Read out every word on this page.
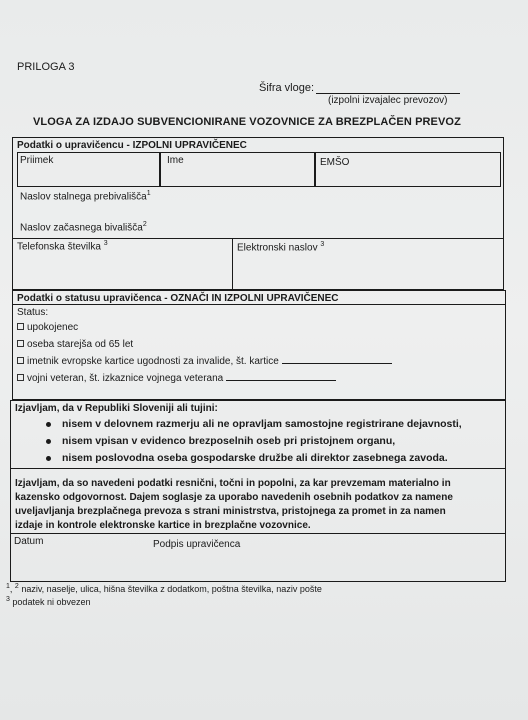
PRILOGA 3
Šifra vloge:
(izpolni izvajalec prevozov)
VLOGA ZA IZDAJO SUBVENCIONIRANE VOZOVNICE ZA BREZPLAČEN PREVOZ
Podatki o upravičencu - IZPOLNI UPRAVIČENEC
Priimek	Ime	EMŠO
Naslov stalnega prebivališča$^1$
Naslov začasnega bivališča$^2$
Telefonska številka $^3$	Elektronski naslov $^3$
Podatki o statusu upravičenca - OZNAČI IN IZPOLNI UPRAVIČENEC
Status:
upokojenec
oseba starejša od 65 let
imetnik evropske kartice ugodnosti za invalide, št. kartice
vojni veteran, št. izkaznice vojnega veterana
Izjavljam, da v Republiki Sloveniji ali tujini:
nisem v delovnem razmerju ali ne opravljam samostojne registrirane dejavnosti,
nisem vpisan v evidenco brezposelnih oseb pri pristojnem organu,
nisem poslovodna oseba gospodarske družbe ali direktor zasebnega zavoda.
Izjavljam, da so navedeni podatki resnični, točni in popolni, za kar prevzemam materialno in
kazensko odgovornost. Dajem soglasje za uporabo navedenih osebnih podatkov za namene
uveljavljanja brezplačnega prevoza s strani ministrstva, pristojnega za promet in za namen
izdaje in kontrole elektronske kartice in brezplačne vozovnice.
Datum	Podpis upravičenca
$^1$, $^2$ naziv, naselje, ulica, hišna številka z dodatkom, poštna številka, naziv pošte
$^3$ podatek ni obvezen
